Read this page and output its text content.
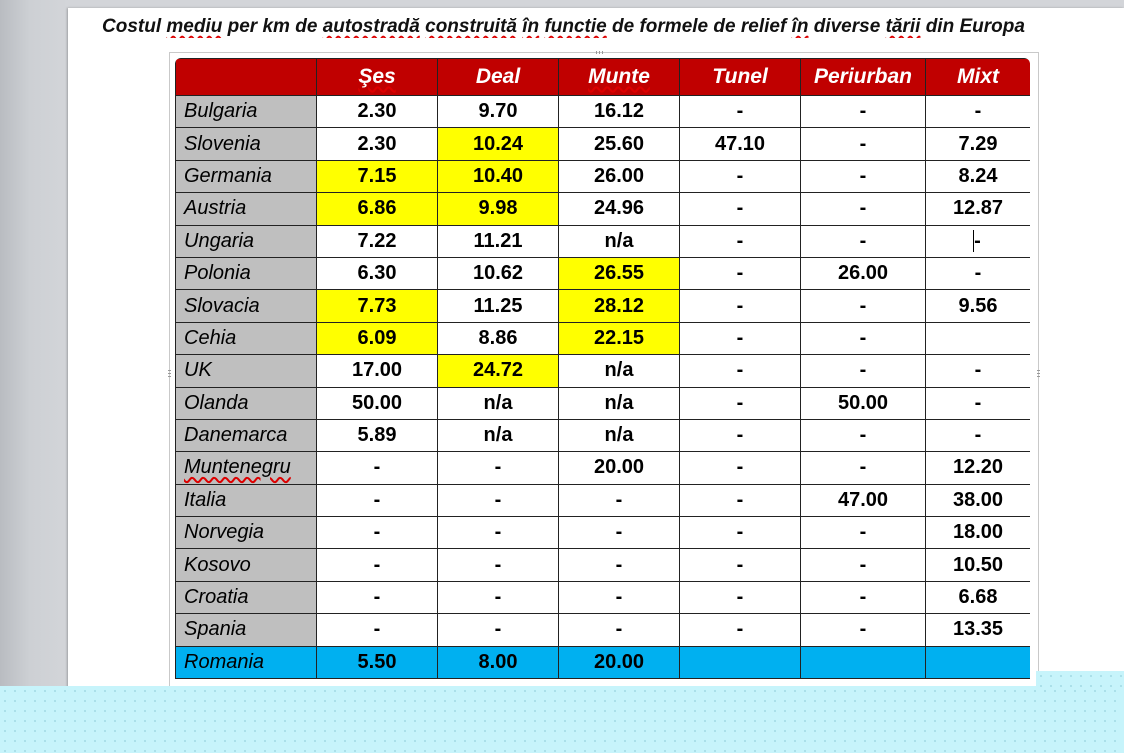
Costul mediu per km de autostradă construită în functie de formele de relief în diverse tării din Europa
	Şes	Deal	Munte	Tunel	Periurban	Mixt
Bulgaria	2.30	9.70	16.12	-	-	-
Slovenia	2.30	10.24	25.60	47.10	-	7.29
Germania	7.15	10.40	26.00	-	-	8.24
Austria	6.86	9.98	24.96	-	-	12.87
Ungaria	7.22	11.21	n/a	-	-	-
Polonia	6.30	10.62	26.55	-	26.00	-
Slovacia	7.73	11.25	28.12	-	-	9.56
Cehia	6.09	8.86	22.15	-	-	
UK	17.00	24.72	n/a	-	-	-
Olanda	50.00	n/a	n/a	-	50.00	-
Danemarca	5.89	n/a	n/a	-	-	-
Muntenegru	-	-	20.00	-	-	12.20
Italia	-	-	-	-	47.00	38.00
Norvegia	-	-	-	-	-	18.00
Kosovo	-	-	-	-	-	10.50
Croatia	-	-	-	-	-	6.68
Spania	-	-	-	-	-	13.35
Romania	5.50	8.00	20.00			
